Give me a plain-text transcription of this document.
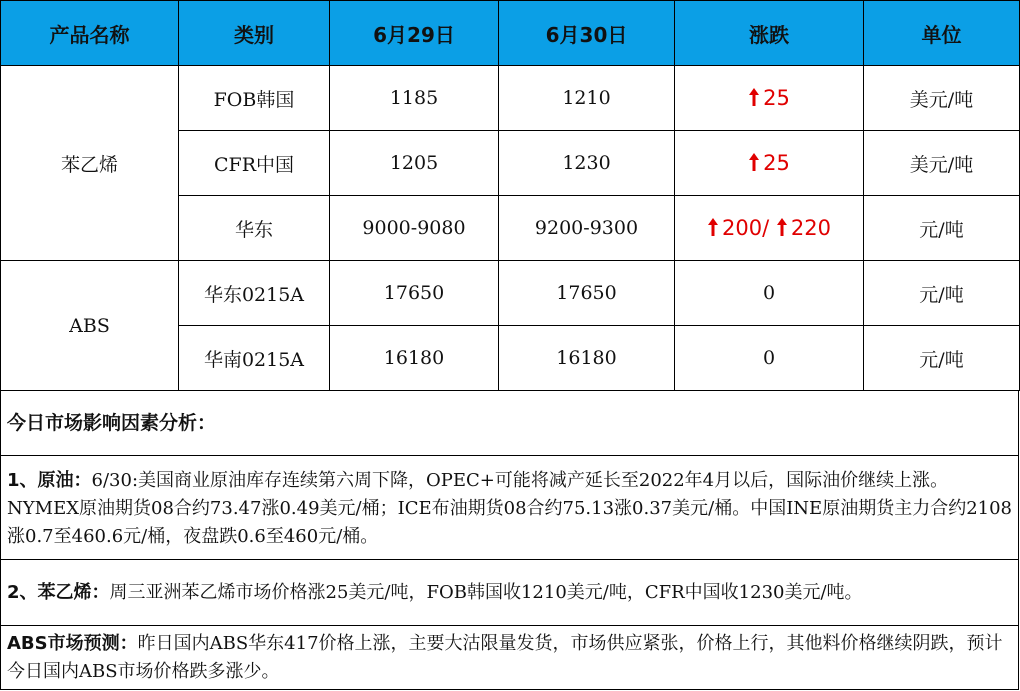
产品名称	类别	6月29日	6月30日	涨跌	单位
苯乙烯	FOB韩国	1185	1210	25	美元/吨
	CFR中国	1205	1230	25	美元/吨
	华东	9000-9080	9200-9300	200/ 220	元/吨
ABS	华东0215A	17650	17650	0	元/吨
	华南0215A	16180	16180	0	元/吨
今日市场影响因素分析：
1、原油：6/30:美国商业原油库存连续第六周下降，OPEC+可能将减产延长至2022年4月以后，国际油价继续上涨。NYMEX原油期货08合约73.47涨0.49美元/桶；ICE布油期货08合约75.13涨0.37美元/桶。中国INE原油期货主力合约2108涨0.7至460.6元/桶，夜盘跌0.6至460元/桶。
2、苯乙烯：周三亚洲苯乙烯市场价格涨25美元/吨，FOB韩国收1210美元/吨，CFR中国收1230美元/吨。
ABS市场预测：昨日国内ABS华东417价格上涨，主要大沽限量发货，市场供应紧张，价格上行，其他料价格继续阴跌，预计今日国内ABS市场价格跌多涨少。
